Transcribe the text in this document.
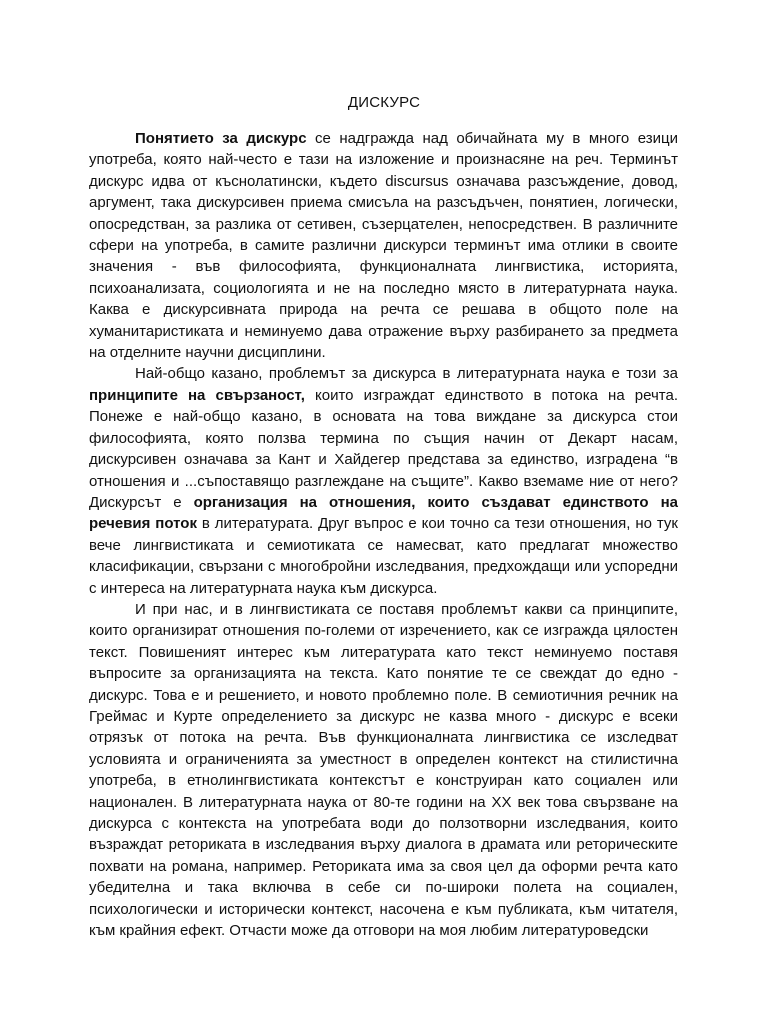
ДИСКУРС

Понятието за дискурс се надгражда над обичайната му в много езици употреба, която най-често е тази на изложение и произнасяне на реч. Терминът дискурс идва от къснолатински, където discursus означава разсъждение, довод, аргумент, така дискурсивен приема смисъла на разсъдъчен, понятиен, логически, опосредстван, за разлика от сетивен, съзерцателен, непосредствен. В различните сфери на употреба, в самите различни дискурси терминът има отлики в своите значения - във философията, функционалната лингвистика, историята, психоанализата, социологията и не на последно място в литературната наука. Каква е дискурсивната природа на речта се решава в общото поле на хуманитаристиката и неминуемо дава отражение върху разбирането за предмета на отделните научни дисциплини.

Най-общо казано, проблемът за дискурса в литературната наука е този за принципите на свързаност, които изграждат единството в потока на речта. Понеже е най-общо казано, в основата на това виждане за дискурса стои философията, която ползва термина по същия начин от Декарт насам, дискурсивен означава за Кант и Хайдегер представа за единство, изградена “в отношения и ...съпоставящо разглеждане на същите”. Какво вземаме ние от него? Дискурсът е организация на отношения, които създават единството на речевия поток в литературата. Друг въпрос е кои точно са тези отношения, но тук вече лингвистиката и семиотиката се намесват, като предлагат множество класификации, свързани с многобройни изследвания, предхождащи или успоредни с интереса на литературната наука към дискурса.

И при нас, и в лингвистиката се поставя проблемът какви са принципите, които организират отношения по-големи от изречението, как се изгражда цялостен текст. Повишеният интерес към литературата като текст неминуемо поставя въпросите за организацията на текста. Като понятие те се свеждат до едно - дискурс. Това е и решението, и новото проблемно поле. В семиотичния речник на Греймас и Курте определението за дискурс не казва много - дискурс е всеки отрязък от потока на речта. Във функционалната лингвистика се изследват условията и ограниченията за уместност в определен контекст на стилистична употреба, в етнолингвистиката контекстът е конструиран като социален или национален. В литературната наука от 80-те години на XX век това свързване на дискурса с контекста на употребата води до ползотворни изследвания, които възраждат реториката в изследвания върху диалога в драмата или реторическите похвати на романа, например. Реториката има за своя цел да оформи речта като убедителна и така включва в себе си по-широки полета на социален, психологически и исторически контекст, насочена е към публиката, към читателя, към крайния ефект. Отчасти може да отговори на моя любим литературоведски
